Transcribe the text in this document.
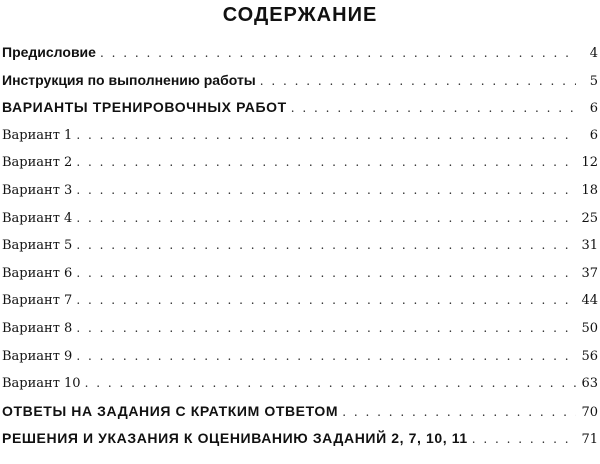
СОДЕРЖАНИЕ
Предисловие . . .	4
Инструкция по выполнению работы . . .	5
ВАРИАНТЫ ТРЕНИРОВОЧНЫХ РАБОТ . . .	6
Вариант 1 . . .	6
Вариант 2 . . .	12
Вариант 3 . . .	18
Вариант 4 . . .	25
Вариант 5 . . .	31
Вариант 6 . . .	37
Вариант 7 . . .	44
Вариант 8 . . .	50
Вариант 9 . . .	56
Вариант 10 . . .	63
ОТВЕТЫ НА ЗАДАНИЯ С КРАТКИМ ОТВЕТОМ . . .	70
РЕШЕНИЯ И УКАЗАНИЯ К ОЦЕНИВАНИЮ ЗАДАНИЙ 2, 7, 10, 11 . . .	71
